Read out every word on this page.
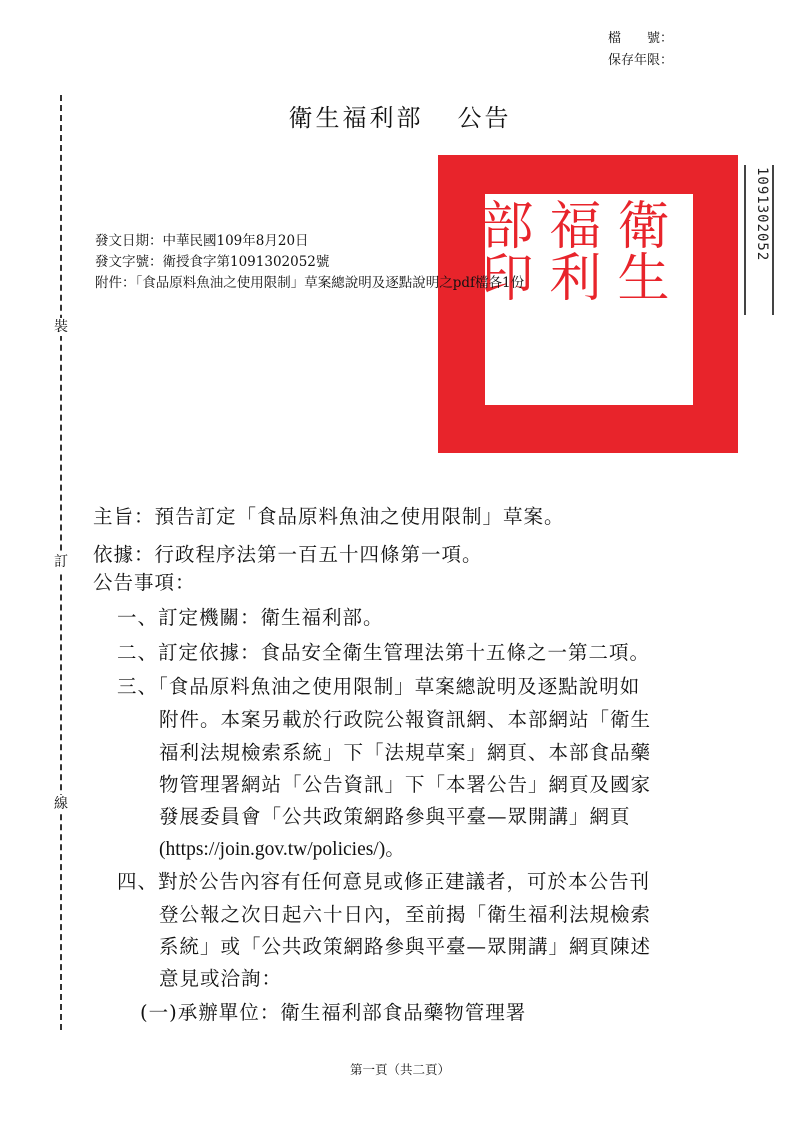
檔　　號：
保存年限：
裝
訂
線
衛生福利部 公告
衛生
福利
部印	1091302052
發文日期：中華民國109年8月20日
發文字號：衛授食字第1091302052號
附件：「食品原料魚油之使用限制」草案總說明及逐點說明之pdf檔各1份
主旨：預告訂定「食品原料魚油之使用限制」草案。
依據：行政程序法第一百五十四條第一項。
公告事項：
一、訂定機關：衛生福利部。
二、訂定依據：食品安全衛生管理法第十五條之一第二項。
三、「食品原料魚油之使用限制」草案總說明及逐點說明如
附件。本案另載於行政院公報資訊網、本部網站「衛生
福利法規檢索系統」下「法規草案」網頁、本部食品藥
物管理署網站「公告資訊」下「本署公告」網頁及國家
發展委員會「公共政策網路參與平臺—眾開講」網頁
(https://join.gov.tw/policies/)。
四、對於公告內容有任何意見或修正建議者，可於本公告刊
登公報之次日起六十日內，至前揭「衛生福利法規檢索
系統」或「公共政策網路參與平臺—眾開講」網頁陳述
意見或洽詢：
(一)承辦單位：衛生福利部食品藥物管理署
第一頁（共二頁）
